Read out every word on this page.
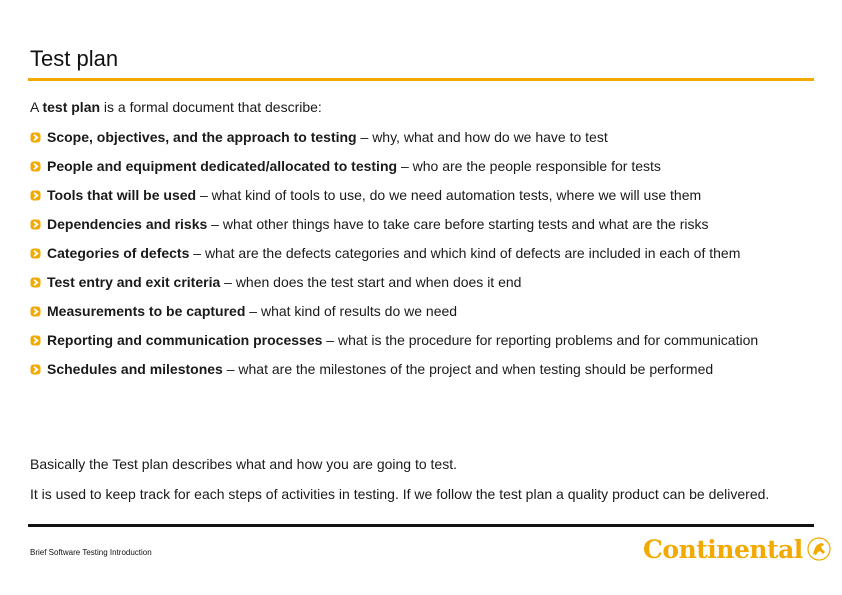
Test plan
A test plan is a formal document that describe:
Scope, objectives, and the approach to testing – why, what and how do we have to test
People and equipment dedicated/allocated to testing – who are the people responsible for tests
Tools that will be used – what kind of tools to use, do we need automation tests, where we will use them
Dependencies and risks – what other things have to take care before starting tests and what are the risks
Categories of defects – what are the defects categories and which kind of defects are included in each of them
Test entry and exit criteria – when does the test start and when does it end
Measurements to be captured – what kind of results do we need
Reporting and communication processes – what is the procedure for reporting problems and for communication
Schedules and milestones – what are the milestones of the project and when testing should be performed
Basically the Test plan describes what and how you are going to test.
It is used to keep track for each steps of activities in testing. If we follow the test plan a quality product can be delivered.
Brief Software Testing Introduction	Continental
